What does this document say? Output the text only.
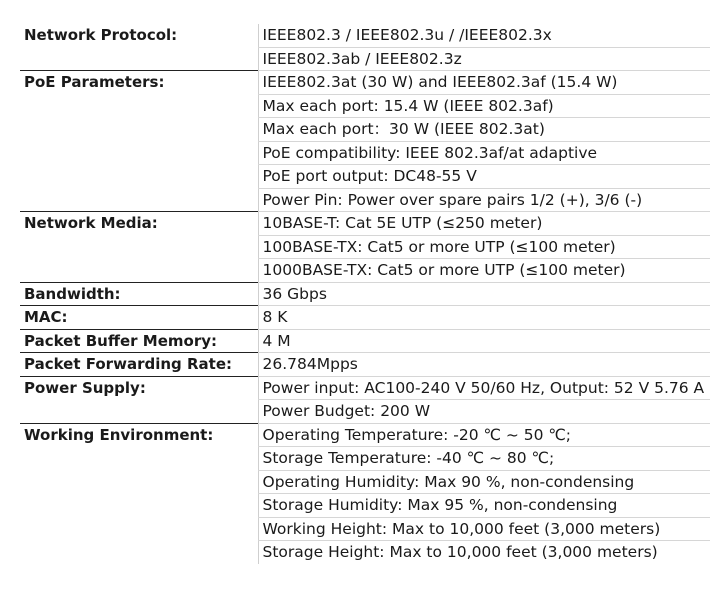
Network Protocol:	IEEE802.3 / IEEE802.3u / /IEEE802.3x
	IEEE802.3ab / IEEE802.3z
PoE Parameters:	IEEE802.3at (30 W) and IEEE802.3af (15.4 W)
	Max each port: 15.4 W (IEEE 802.3af)
	Max each port：30 W (IEEE 802.3at)
	PoE compatibility: IEEE 802.3af/at adaptive
	PoE port output: DC48-55 V
	Power Pin: Power over spare pairs 1/2 (+), 3/6 (-)
Network Media:	10BASE-T: Cat 5E UTP (≤250 meter)
	100BASE-TX: Cat5 or more UTP (≤100 meter)
	1000BASE-TX: Cat5 or more UTP (≤100 meter)
Bandwidth:	36 Gbps
MAC:	8 K
Packet Buffer Memory:	4 M
Packet Forwarding Rate:	26.784Mpps
Power Supply:	Power input: AC100-240 V 50/60 Hz, Output: 52 V 5.76 A
	Power Budget: 200 W
Working Environment:	Operating Temperature: -20 ℃ ~ 50 ℃;
	Storage Temperature: -40 ℃ ~ 80 ℃;
	Operating Humidity: Max 90 %, non-condensing
	Storage Humidity: Max 95 %, non-condensing
	Working Height: Max to 10,000 feet (3,000 meters)
	Storage Height: Max to 10,000 feet (3,000 meters)
